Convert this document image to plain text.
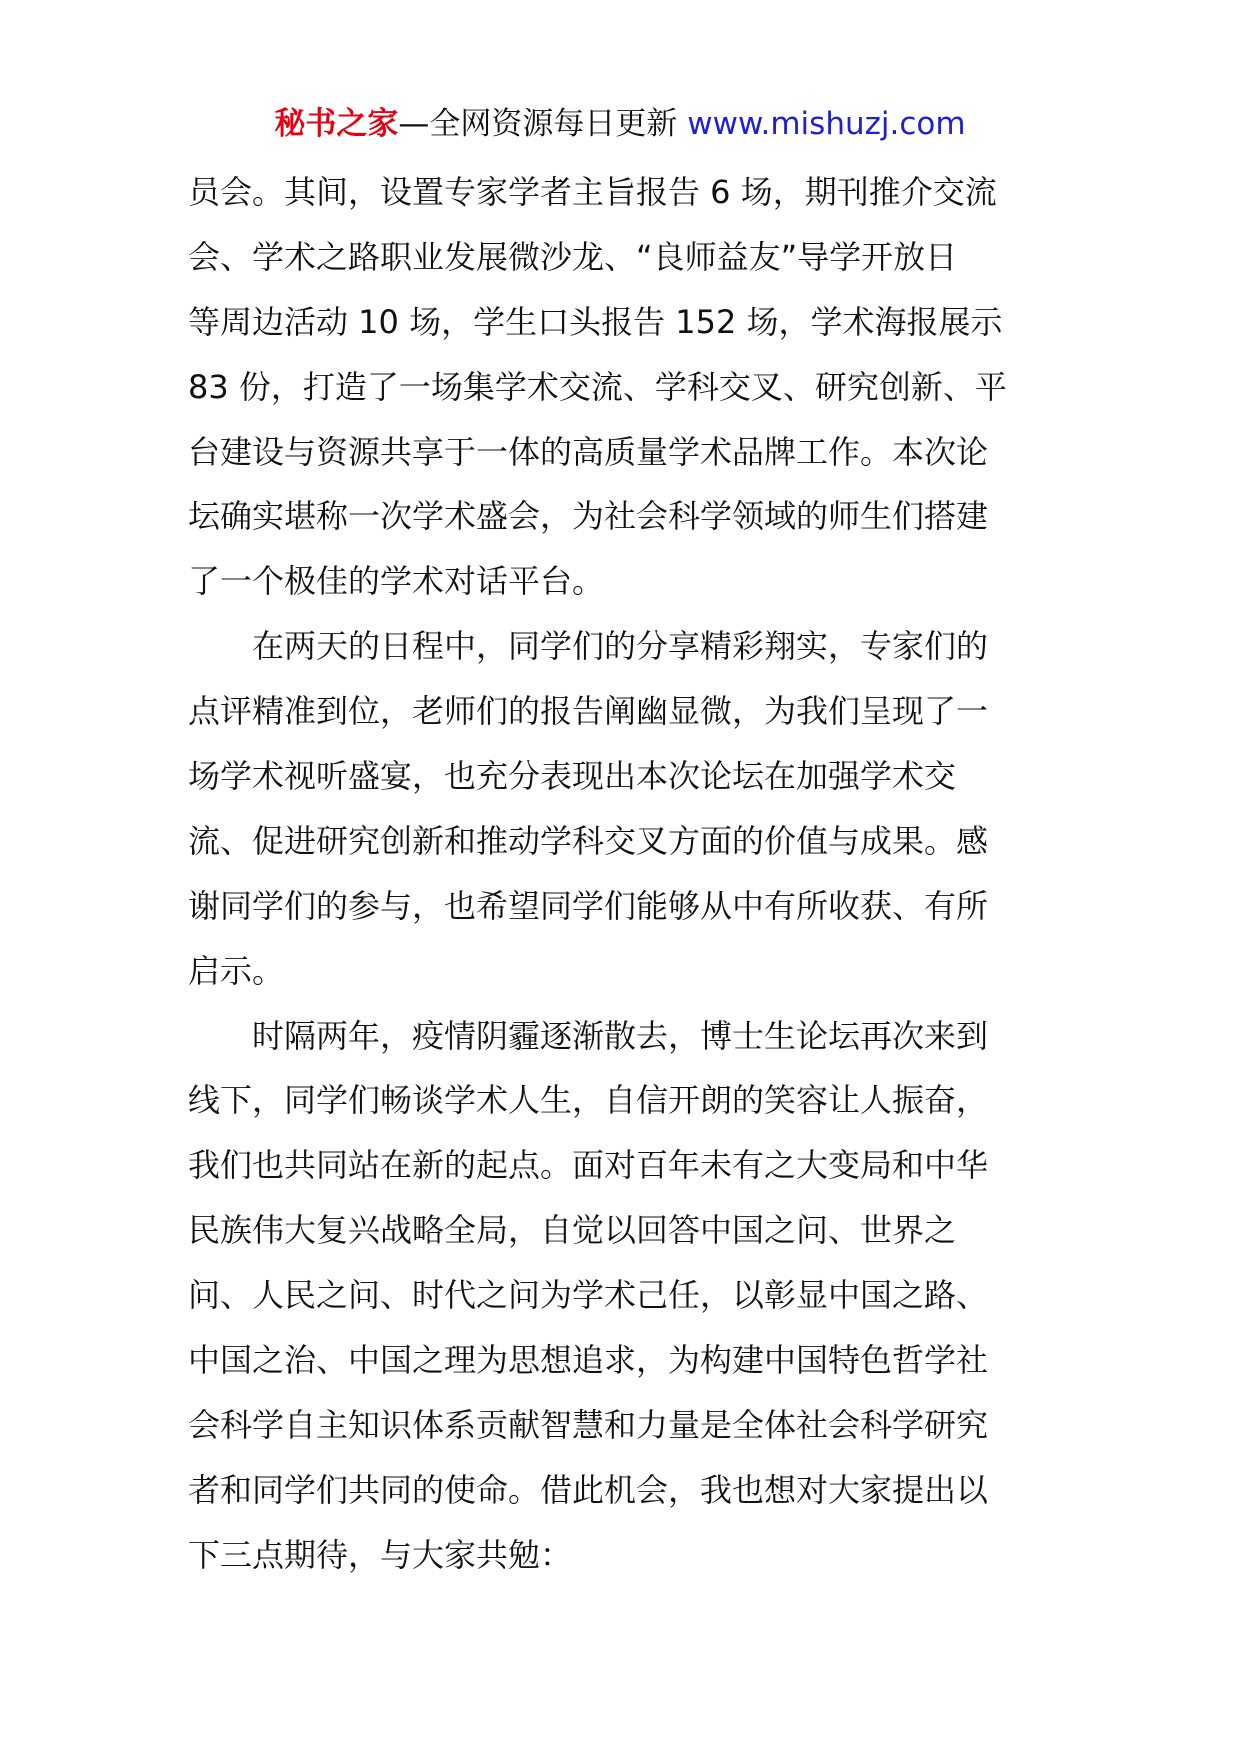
秘书之家—全网资源每日更新 www.mishuzj.com
员会。其间，设置专家学者主旨报告 6 场，期刊推介交流
会、学术之路职业发展微沙龙、“良师益友”导学开放日
等周边活动 10 场，学生口头报告 152 场，学术海报展示
83 份，打造了一场集学术交流、学科交叉、研究创新、平
台建设与资源共享于一体的高质量学术品牌工作。本次论
坛确实堪称一次学术盛会，为社会科学领域的师生们搭建
了一个极佳的学术对话平台。
在两天的日程中，同学们的分享精彩翔实，专家们的
点评精准到位，老师们的报告阐幽显微，为我们呈现了一
场学术视听盛宴，也充分表现出本次论坛在加强学术交
流、促进研究创新和推动学科交叉方面的价值与成果。感
谢同学们的参与，也希望同学们能够从中有所收获、有所
启示。
时隔两年，疫情阴霾逐渐散去，博士生论坛再次来到
线下，同学们畅谈学术人生，自信开朗的笑容让人振奋，
我们也共同站在新的起点。面对百年未有之大变局和中华
民族伟大复兴战略全局，自觉以回答中国之问、世界之
问、人民之问、时代之问为学术己任，以彰显中国之路、
中国之治、中国之理为思想追求，为构建中国特色哲学社
会科学自主知识体系贡献智慧和力量是全体社会科学研究
者和同学们共同的使命。借此机会，我也想对大家提出以
下三点期待，与大家共勉：
